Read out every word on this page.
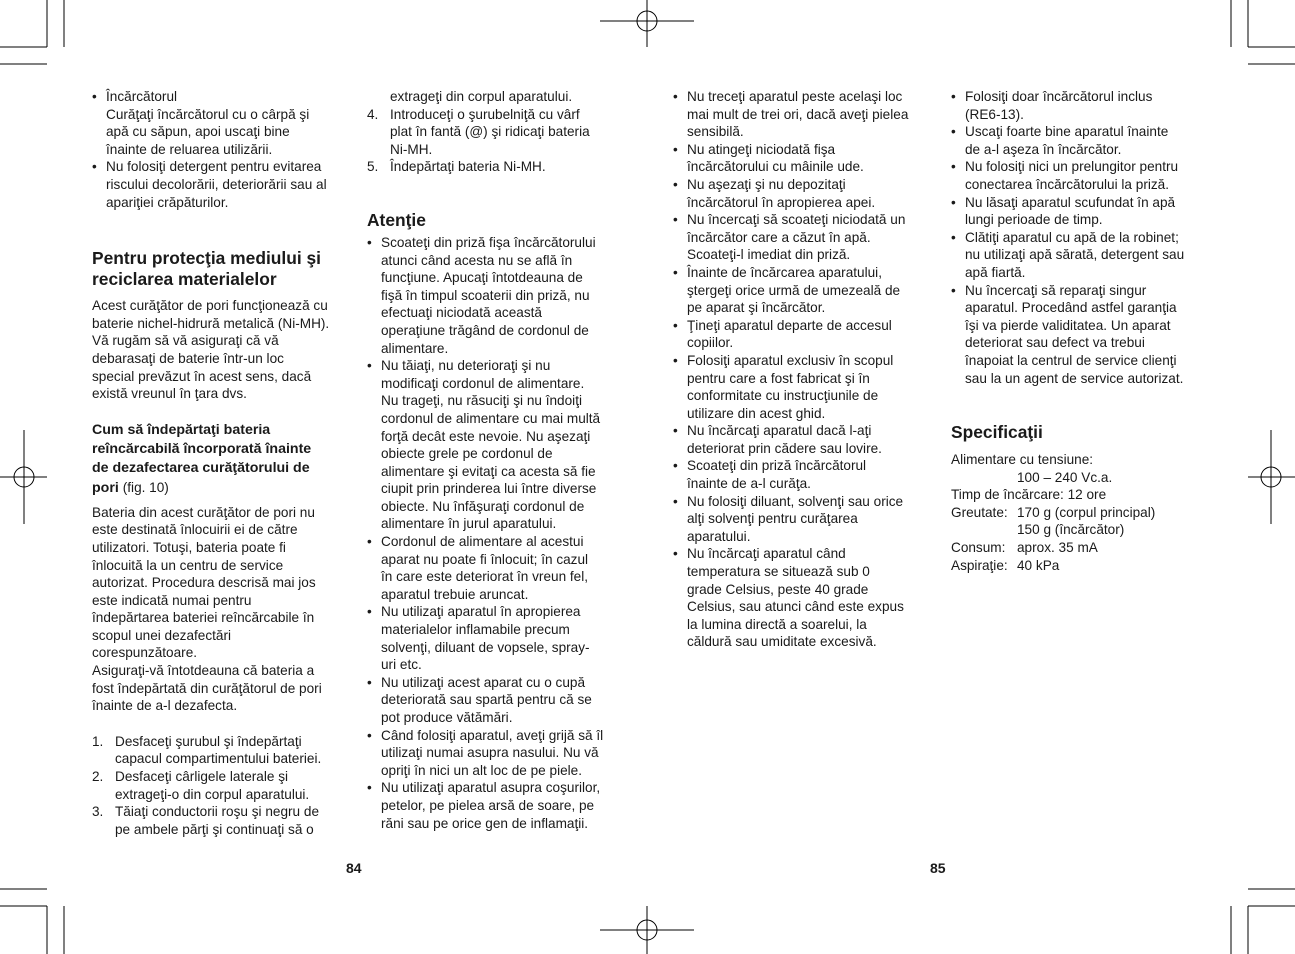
• Încărcătorul
Curăţaţi încărcătorul cu o cârpă şi
apă cu săpun, apoi uscaţi bine
înainte de reluarea utilizării.
• Nu folosiţi detergent pentru evitarea
riscului decolorării, deteriorării sau al
apariţiei crăpăturilor.
Pentru protecţia mediului şi
reciclarea materialelor

Acest curăţător de pori funcţionează cu
baterie nichel-hidrură metalică (Ni-MH).
Vă rugăm să vă asiguraţi că vă
debarasaţi de baterie într-un loc
special prevăzut în acest sens, dacă
există vreunul în ţara dvs.

Cum să îndepărtaţi bateria
reîncărcabilă încorporată înainte
de dezafectarea curăţătorului de
pori (fig. 10)

Bateria din acest curăţător de pori nu
este destinată înlocuirii ei de către
utilizatori. Totuşi, bateria poate fi
înlocuită la un centru de service
autorizat. Procedura descrisă mai jos
este indicată numai pentru
îndepărtarea bateriei reîncărcabile în
scopul unei dezafectări
corespunzătoare.
Asiguraţi-vă întotdeauna că bateria a
fost îndepărtată din curăţătorul de pori
înainte de a-l dezafecta.

1. Desfaceţi şurubul şi îndepărtaţi
capacul compartimentului bateriei.
2. Desfaceţi cârligele laterale şi
extrageţi-o din corpul aparatului.
3. Tăiaţi conductorii roşu şi negru de
pe ambele părţi şi continuaţi să o
extrageţi din corpul aparatului.
4. Introduceţi o şurubelniţă cu vârf
plat în fantă (@) şi ridicaţi bateria
Ni-MH.
5. Îndepărtaţi bateria Ni-MH.
Atenţie
• Scoateţi din priză fişa încărcătorului
atunci când acesta nu se află în
funcţiune. Apucaţi întotdeauna de
fişă în timpul scoaterii din priză, nu
efectuaţi niciodată această
operaţiune trăgând de cordonul de
alimentare.
• Nu tăiaţi, nu deterioraţi şi nu
modificaţi cordonul de alimentare.
Nu trageţi, nu răsuciţi şi nu îndoiţi
cordonul de alimentare cu mai multă
forţă decât este nevoie. Nu aşezaţi
obiecte grele pe cordonul de
alimentare şi evitaţi ca acesta să fie
ciupit prin prinderea lui între diverse
obiecte. Nu înfăşuraţi cordonul de
alimentare în jurul aparatului.
• Cordonul de alimentare al acestui
aparat nu poate fi înlocuit; în cazul
în care este deteriorat în vreun fel,
aparatul trebuie aruncat.
• Nu utilizaţi aparatul în apropierea
materialelor inflamabile precum
solvenţi, diluant de vopsele, spray-
uri etc.
• Nu utilizaţi acest aparat cu o cupă
deteriorată sau spartă pentru că se
pot produce vătămări.
• Când folosiţi aparatul, aveţi grijă să îl
utilizaţi numai asupra nasului. Nu vă
opriţi în nici un alt loc de pe piele.
• Nu utilizaţi aparatul asupra coşurilor,
petelor, pe pielea arsă de soare, pe
răni sau pe orice gen de inflamaţii.
• Nu treceţi aparatul peste acelaşi loc
mai mult de trei ori, dacă aveţi pielea
sensibilă.
• Nu atingeţi niciodată fişa
încărcătorului cu mâinile ude.
• Nu aşezaţi şi nu depozitaţi
încărcătorul în apropierea apei.
• Nu încercaţi să scoateţi niciodată un
încărcător care a căzut în apă.
Scoateţi-l imediat din priză.
• Înainte de încărcarea aparatului,
ştergeţi orice urmă de umezeală de
pe aparat şi încărcător.
• Ţineţi aparatul departe de accesul
copiilor.
• Folosiţi aparatul exclusiv în scopul
pentru care a fost fabricat şi în
conformitate cu instrucţiunile de
utilizare din acest ghid.
• Nu încărcaţi aparatul dacă l-aţi
deteriorat prin cădere sau lovire.
• Scoateţi din priză încărcătorul
înainte de a-l curăţa.
• Nu folosiţi diluant, solvenţi sau orice
alţi solvenţi pentru curăţarea
aparatului.
• Nu încărcaţi aparatul când
temperatura se situează sub 0
grade Celsius, peste 40 grade
Celsius, sau atunci când este expus
la lumina directă a soarelui, la
căldură sau umiditate excesivă.
• Folosiţi doar încărcătorul inclus
(RE6-13).
• Uscaţi foarte bine aparatul înainte
de a-l aşeza în încărcător.
• Nu folosiţi nici un prelungitor pentru
conectarea încărcătorului la priză.
• Nu lăsaţi aparatul scufundat în apă
lungi perioade de timp.
• Clătiţi aparatul cu apă de la robinet;
nu utilizaţi apă sărată, detergent sau
apă fiartă.
• Nu încercaţi să reparaţi singur
aparatul. Procedând astfel garanţia
îşi va pierde validitatea. Un aparat
deteriorat sau defect va trebui
înapoiat la centrul de service clienţi
sau la un agent de service autorizat.
Specificaţii
Alimentare cu tensiune:
100 – 240 Vc.a.
Timp de încărcare: 12 ore
Greutate: 170 g (corpul principal)
150 g (încărcător)
Consum: aprox. 35 mA
Aspiraţie: 40 kPa
84	85
